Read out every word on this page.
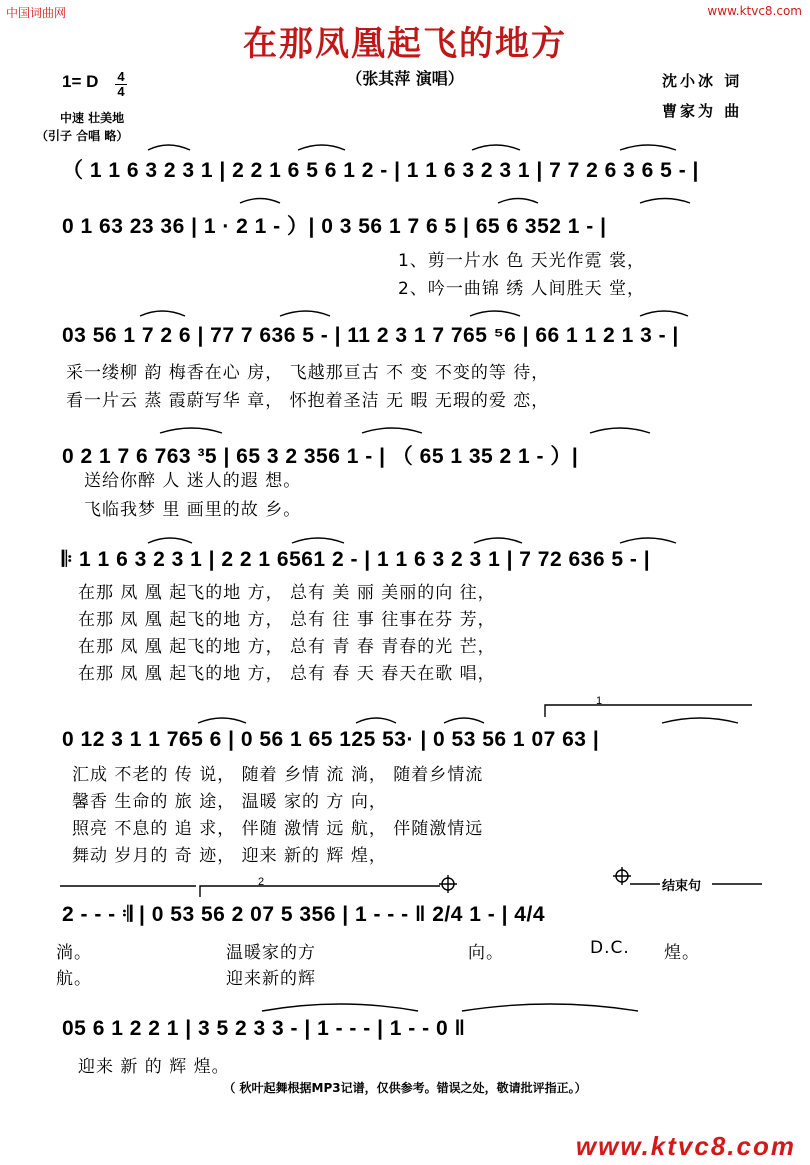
中国词曲网	www.ktvc8.com
在那凤凰起飞的地方
（张其萍 演唱）	沈小冰 词
曹家为 曲
1= D 4
4
中速 壮美地
（引子 合唱 略）
（ 1 1 6 3 2 3 1 | 2 2 1 6 5 6 1 2 - | 1 1 6 3 2 3 1 | 7 7 2 6 3 6 5 - |
0 1 63 23 36 | 1 · 2 1 - ）| 0 3 56 1 7 6 5 | 65 6 352 1 - |
03 56 1 7 2 6 | 77 7 636 5 - | 11 2 3 1 7 765 ⁵6 | 66 1 1 2 1 3 - |
0 2 1 7 6 763 ³5 | 65 3 2 356 1 - | （ 65 1 35 2 1 - ）|
𝄆 1 1 6 3 2 3 1 | 2 2 1 6561 2 - | 1 1 6 3 2 3 1 | 7 72 636 5 - |
0 12 3 1 1 765 6 | 0 56 1 65 125 53· | 0 53 56 1 07 63 |
2 - - - 𝄇 | 0 53 56 2 07 5 356 | 1 - - - ‖ 2/4 1 - | 4/4
05 6 1 2 2 1 | 3 5 2 3 3 - | 1 - - - | 1 - - 0 ‖
1
2	结束句
1、剪一片水 色 天光作霓 裳，
2、吟一曲锦 绣 人间胜天 堂，
采一缕柳 韵 梅香在心 房， 飞越那亘古 不 变 不变的等 待，
看一片云 蒸 霞蔚写华 章， 怀抱着圣洁 无 暇 无瑕的爱 恋，
送给你醉 人 迷人的遐 想。
飞临我梦 里 画里的故 乡。
在那 凤 凰 起飞的地 方， 总有 美 丽 美丽的向 往，
在那 凤 凰 起飞的地 方， 总有 往 事 往事在芬 芳，
在那 凤 凰 起飞的地 方， 总有 青 春 青春的光 芒，
在那 凤 凰 起飞的地 方， 总有 春 天 春天在歌 唱，
汇成 不老的 传 说， 随着 乡情 流 淌， 随着乡情流
馨香 生命的 旅 途， 温暖 家的 方 向，
照亮 不息的 追 求， 伴随 激情 远 航， 伴随激情远
舞动 岁月的 奇 迹， 迎来 新的 辉 煌，
淌。	温暖家的方	向。	D.C. 煌。
航。	迎来新的辉
迎来 新 的 辉 煌。
（ 秋叶起舞根据MP3记谱，仅供参考。错误之处，敬请批评指正。）
www.ktvc8.com
